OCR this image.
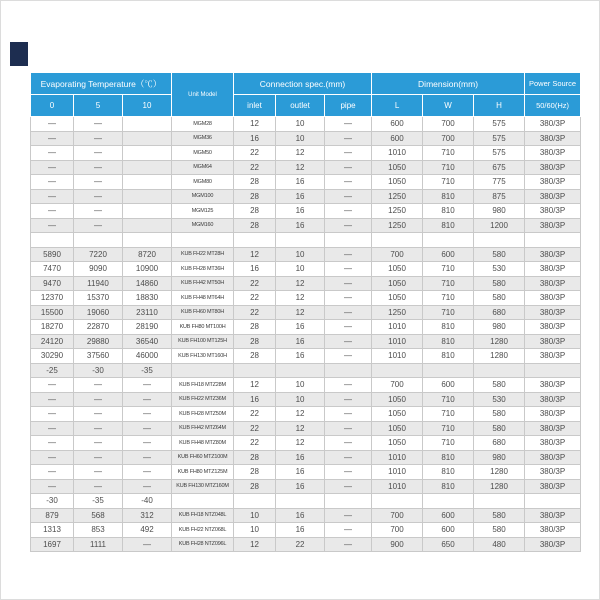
Evaporating Temperature（℃）			Unit Model	Connection spec.(mm)			Dimension(mm)			Power Source
0	5	10		inlet	outlet	pipe	L	W	H	50/60(Hz)
—	—		MGM28	12	10	—	600	700	575	380/3P
—	—		MGM36	16	10	—	600	700	575	380/3P
—	—		MGM50	22	12	—	1010	710	575	380/3P
—	—		MGM64	22	12	—	1050	710	675	380/3P
—	—		MGM80	28	16	—	1050	710	775	380/3P
—	—		MGM100	28	16	—	1250	810	875	380/3P
—	—		MGM125	28	16	—	1250	810	980	380/3P
—	—		MGM160	28	16	—	1250	810	1200	380/3P

5890	7220	8720	KUB FH22 MT28H	12	10	—	700	600	580	380/3P
7470	9090	10900	KUB FH28 MT36H	16	10	—	1050	710	530	380/3P
9470	11940	14860	KUB FH42 MT50H	22	12	—	1050	710	580	380/3P
12370	15370	18830	KUB FH48 MT64H	22	12	—	1050	710	580	380/3P
15500	19060	23110	KUB FH60 MT80H	22	12	—	1250	710	680	380/3P
18270	22870	28190	KUB FH80 MT100H	28	16	—	1010	810	980	380/3P
24120	29880	36540	KUB FH100 MT125H	28	16	—	1010	810	1280	380/3P
30290	37560	46000	KUB FH130 MT160H	28	16	—	1010	810	1280	380/3P
-25	-30	-35								
—	—	—	KUB FH18 MTZ28M	12	10	—	700	600	580	380/3P
—	—	—	KUB FH22 MTZ36M	16	10	—	1050	710	530	380/3P
—	—	—	KUB FH28 MTZ50M	22	12	—	1050	710	580	380/3P
—	—	—	KUB FH42 MTZ64M	22	12	—	1050	710	580	380/3P
—	—	—	KUB FH48 MTZ80M	22	12	—	1050	710	680	380/3P
—	—	—	KUB FH60 MTZ100M	28	16	—	1010	810	980	380/3P
—	—	—	KUB FH80 MTZ125M	28	16	—	1010	810	1280	380/3P
—	—	—	KUB FH130 MTZ160M	28	16	—	1010	810	1280	380/3P
-30	-35	-40								
879	568	312	KUB FH18 NTZ048L	10	16	—	700	600	580	380/3P
1313	853	492	KUB FH22 NTZ068L	10	16	—	700	600	580	380/3P
1697	1111	—	KUB FH28 NTZ096L	12	22	—	900	650	480	380/3P
